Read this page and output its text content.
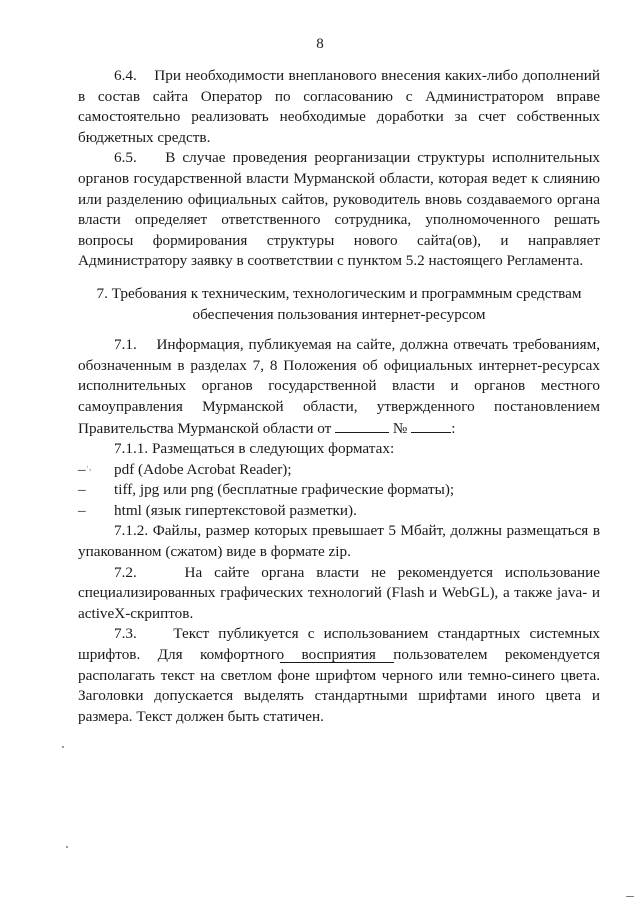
8

6.4.    При необходимости внепланового внесения каких-либо дополнений в состав сайта Оператор по согласованию с Администратором вправе самостоятельно реализовать необходимые доработки за счет собственных бюджетных средств.

6.5.    В случае проведения реорганизации структуры исполнительных органов государственной власти Мурманской области, которая ведет к слиянию или разделению официальных сайтов, руководитель вновь создаваемого органа власти определяет ответственного сотрудника, уполномоченного решать вопросы формирования структуры нового сайта(ов), и направляет Администратору заявку в соответствии с пунктом 5.2 настоящего Регламента.

7. Требования к техническим, технологическим и программным средствам
обеспечения пользования интернет-ресурсом

7.1.    Информация, публикуемая на сайте, должна отвечать требованиям, обозначенным в разделах 7, 8 Положения об официальных интернет-ресурсах исполнительных органов государственной власти и органов местного самоуправления Мурманской области, утвержденного постановлением Правительства Мурманской области от	№	:

7.1.1. Размещаться в следующих форматах:

– pdf (Adobe Acrobat Reader);
– tiff, jpg или png (бесплатные графические форматы);
– html (язык гипертекстовой разметки).

7.1.2. Файлы, размер которых превышает 5 Мбайт, должны размещаться в упакованном (сжатом) виде в формате zip.

7.2.    На сайте органа власти не рекомендуется использование специализированных графических технологий (Flash и WebGL), а также java- и activeX-скриптов.

7.3.    Текст публикуется с использованием стандартных системных шрифтов. Для комфортного восприятия пользователем рекомендуется располагать текст на светлом фоне шрифтом черного или темно-синего цвета. Заголовки допускается выделять стандартными шрифтами иного цвета и размера. Текст должен быть статичен.

·,
